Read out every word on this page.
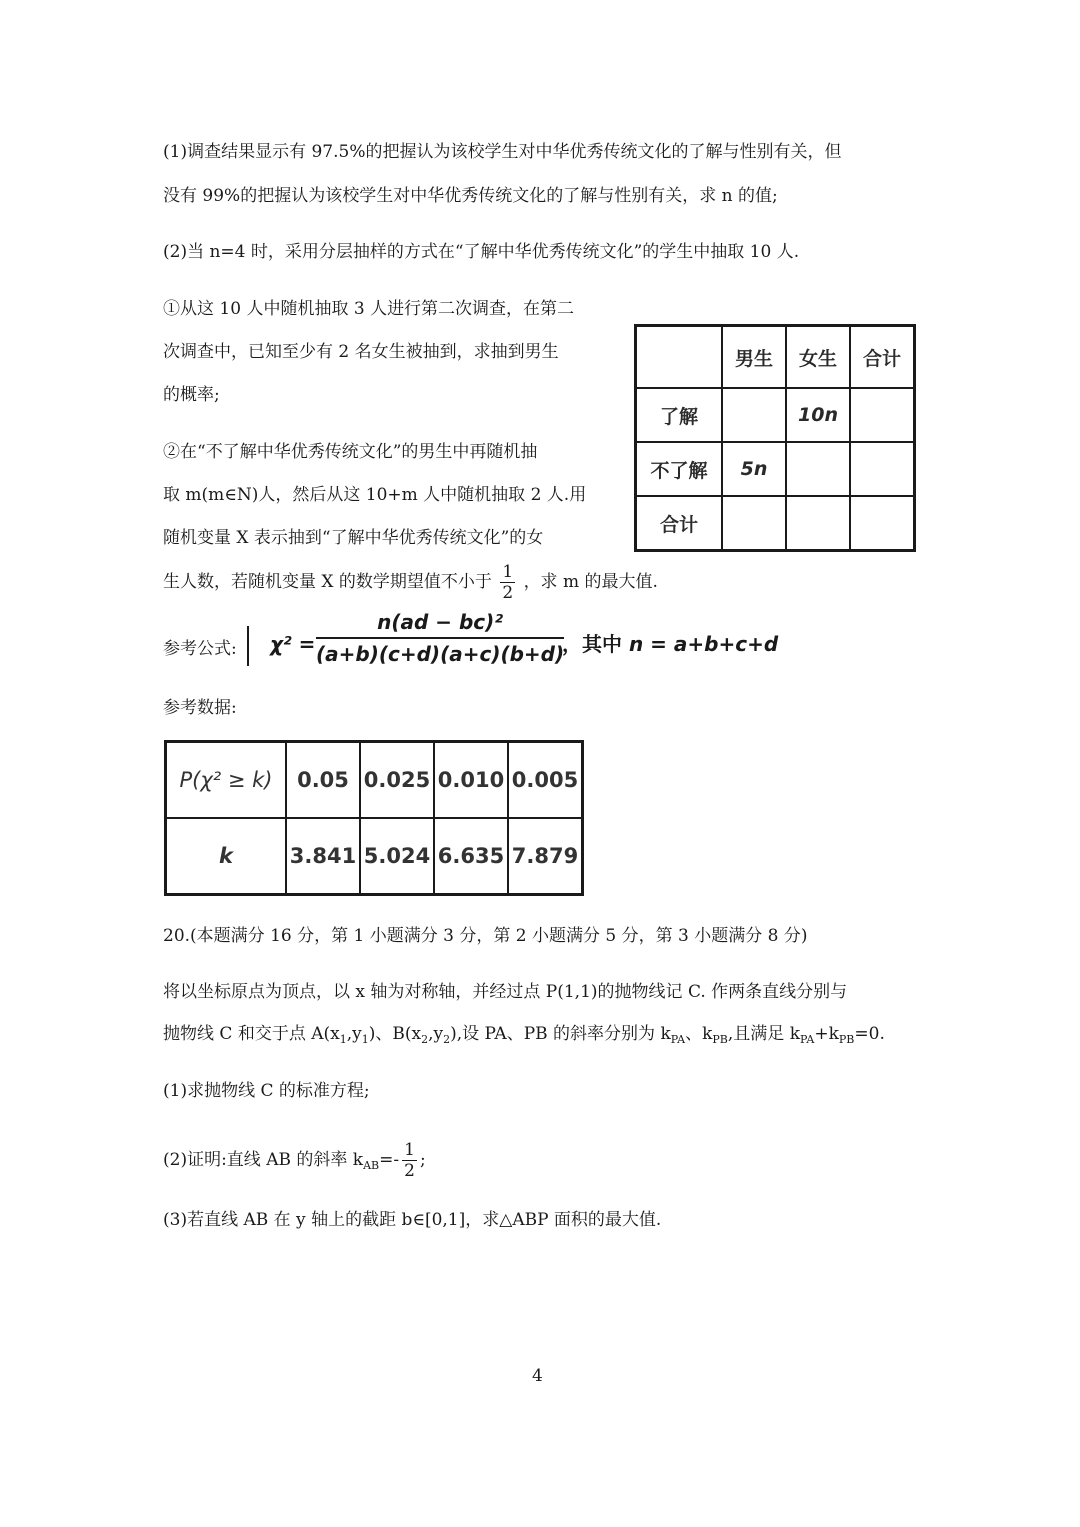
(1)调查结果显示有 97.5%的把握认为该校学生对中华优秀传统文化的了解与性别有关，但
没有 99%的把握认为该校学生对中华优秀传统文化的了解与性别有关，求 n 的值;
(2)当 n=4 时，采用分层抽样的方式在“了解中华优秀传统文化”的学生中抽取 10 人.
①从这 10 人中随机抽取 3 人进行第二次调查，在第二
次调查中，已知至少有 2 名女生被抽到，求抽到男生
的概率;
②在“不了解中华优秀传统文化”的男生中再随机抽
取 m(m∈N)人，然后从这 10+m 人中随机抽取 2 人.用
随机变量 X 表示抽到“了解中华优秀传统文化”的女
生人数，若随机变量 X 的数学期望值不小于 $\frac{1}{2}$ ，求 m 的最大值.
	男生	女生	合计
了解		10n	
不了解	5n		
合计			
参考公式: $\chi^2 = \frac{\text{n(ad − bc)²}}{(a+b)(c+d)(a+c)(b+d)}$
，其中 n = a+b+c+d
参考数据:
P(χ² ≥ k)	0.05	0.025	0.010	0.005
k	3.841	5.024	6.635	7.879
20.(本题满分 16 分，第 1 小题满分 3 分，第 2 小题满分 5 分，第 3 小题满分 8 分)
将以坐标原点为顶点，以 x 轴为对称轴，并经过点 P(1,1)的抛物线记 C. 作两条直线分别与
抛物线 C 和交于点 $A(x_1,y_1)$、$B(x_2,y_2)$,设 PA、PB 的斜率分别为 $k_{PA}$、$k_{PB}$,且满足 $k_{PA}+k_{PB}=0$.
(1)求抛物线 C 的标准方程;
(2)证明:直线 AB 的斜率 $k_{AB}=- \frac{1}{2}$ ;
(3)若直线 AB 在 y 轴上的截距 b∈[0,1]，求△ABP 面积的最大值.
4
